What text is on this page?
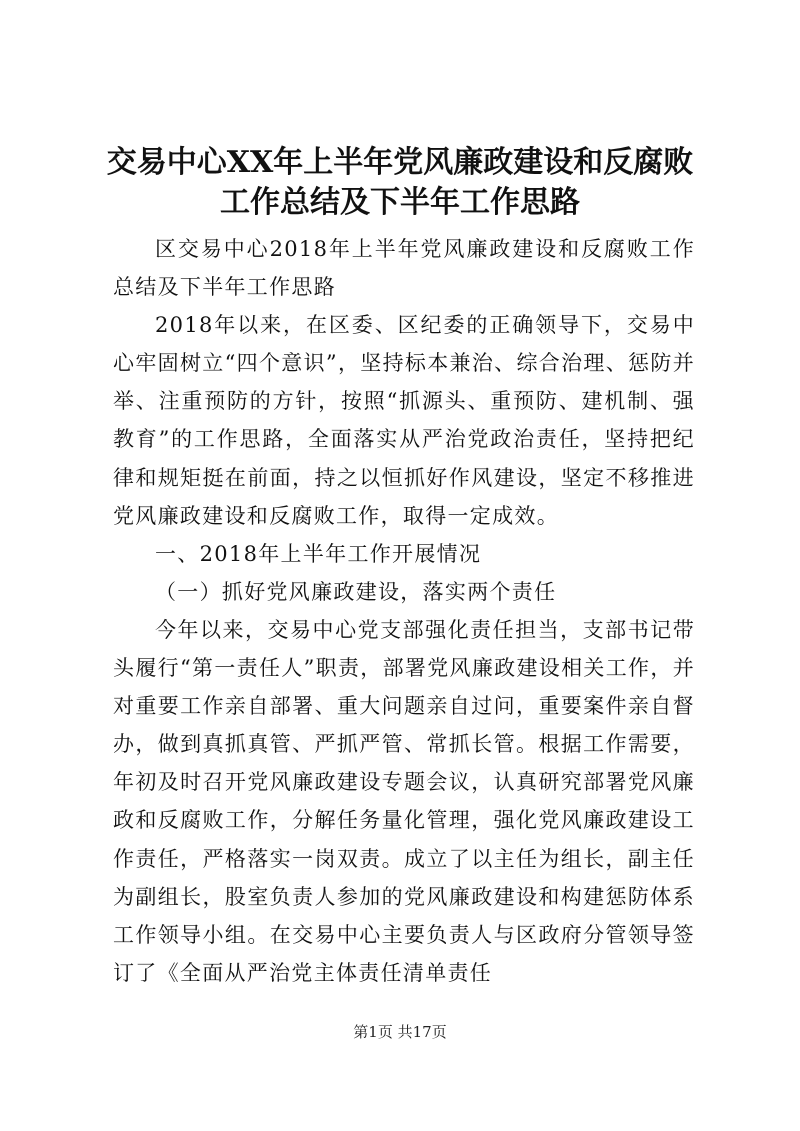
交易中心XX年上半年党风廉政建设和反腐败
工作总结及下半年工作思路

区交易中心2018年上半年党风廉政建设和反腐败工作总结及下半年工作思路

2018年以来，在区委、区纪委的正确领导下，交易中心牢固树立“四个意识”，坚持标本兼治、综合治理、惩防并举、注重预防的方针，按照“抓源头、重预防、建机制、强教育”的工作思路，全面落实从严治党政治责任，坚持把纪律和规矩挺在前面，持之以恒抓好作风建设，坚定不移推进党风廉政建设和反腐败工作，取得一定成效。

一、2018年上半年工作开展情况

（一）抓好党风廉政建设，落实两个责任

今年以来，交易中心党支部强化责任担当，支部书记带头履行“第一责任人”职责，部署党风廉政建设相关工作，并对重要工作亲自部署、重大问题亲自过问，重要案件亲自督办，做到真抓真管、严抓严管、常抓长管。根据工作需要，年初及时召开党风廉政建设专题会议，认真研究部署党风廉政和反腐败工作，分解任务量化管理，强化党风廉政建设工作责任，严格落实一岗双责。成立了以主任为组长，副主任为副组长，股室负责人参加的党风廉政建设和构建惩防体系工作领导小组。在交易中心主要负责人与区政府分管领导签订了《全面从严治党主体责任清单责任

第1页 共17页
